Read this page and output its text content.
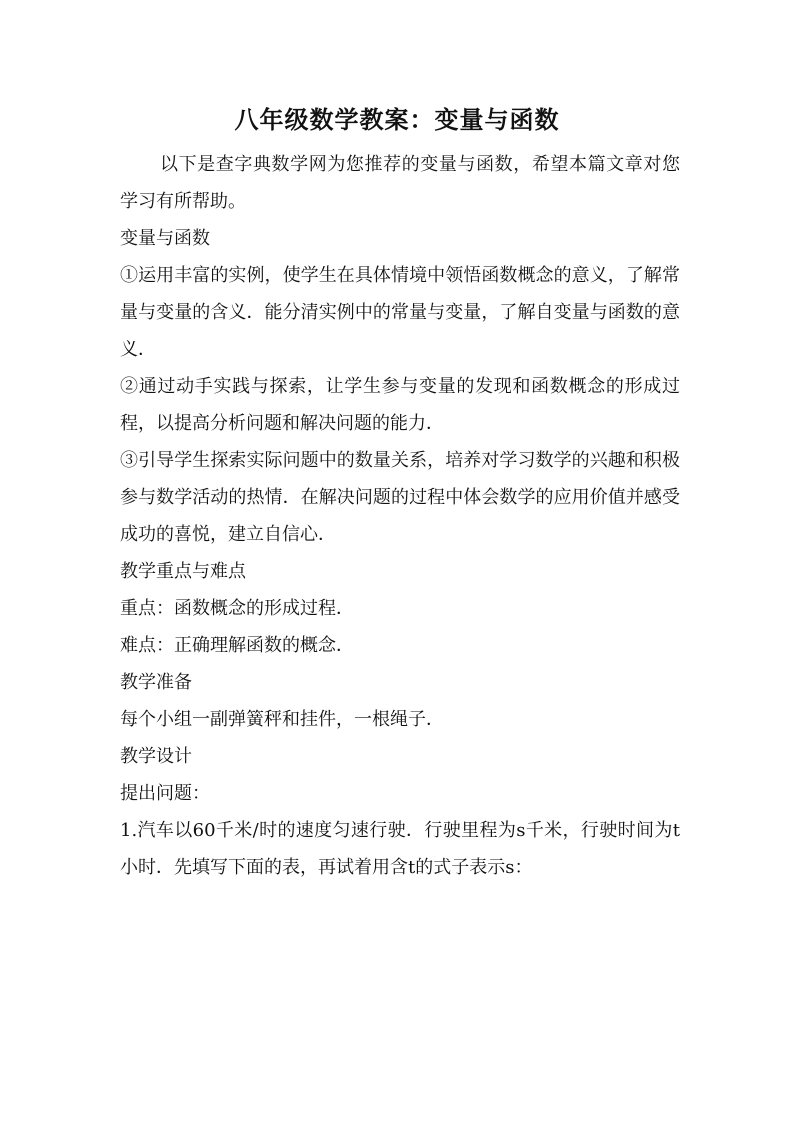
八年级数学教案：变量与函数

以下是查字典数学网为您推荐的变量与函数，希望本篇文章对您学习有所帮助。

变量与函数

①运用丰富的实例，使学生在具体情境中领悟函数概念的意义，了解常量与变量的含义．能分清实例中的常量与变量，了解自变量与函数的意义．

②通过动手实践与探索，让学生参与变量的发现和函数概念的形成过程，以提高分析问题和解决问题的能力．

③引导学生探索实际问题中的数量关系，培养对学习数学的兴趣和积极参与数学活动的热情．在解决问题的过程中体会数学的应用价值并感受成功的喜悦，建立自信心．

教学重点与难点

重点：函数概念的形成过程．

难点：正确理解函数的概念．

教学准备

每个小组一副弹簧秤和挂件，一根绳子．

教学设计

提出问题：

1.汽车以60千米/时的速度匀速行驶．行驶里程为s千米，行驶时间为t小时．先填写下面的表，再试着用含t的式子表示s：
